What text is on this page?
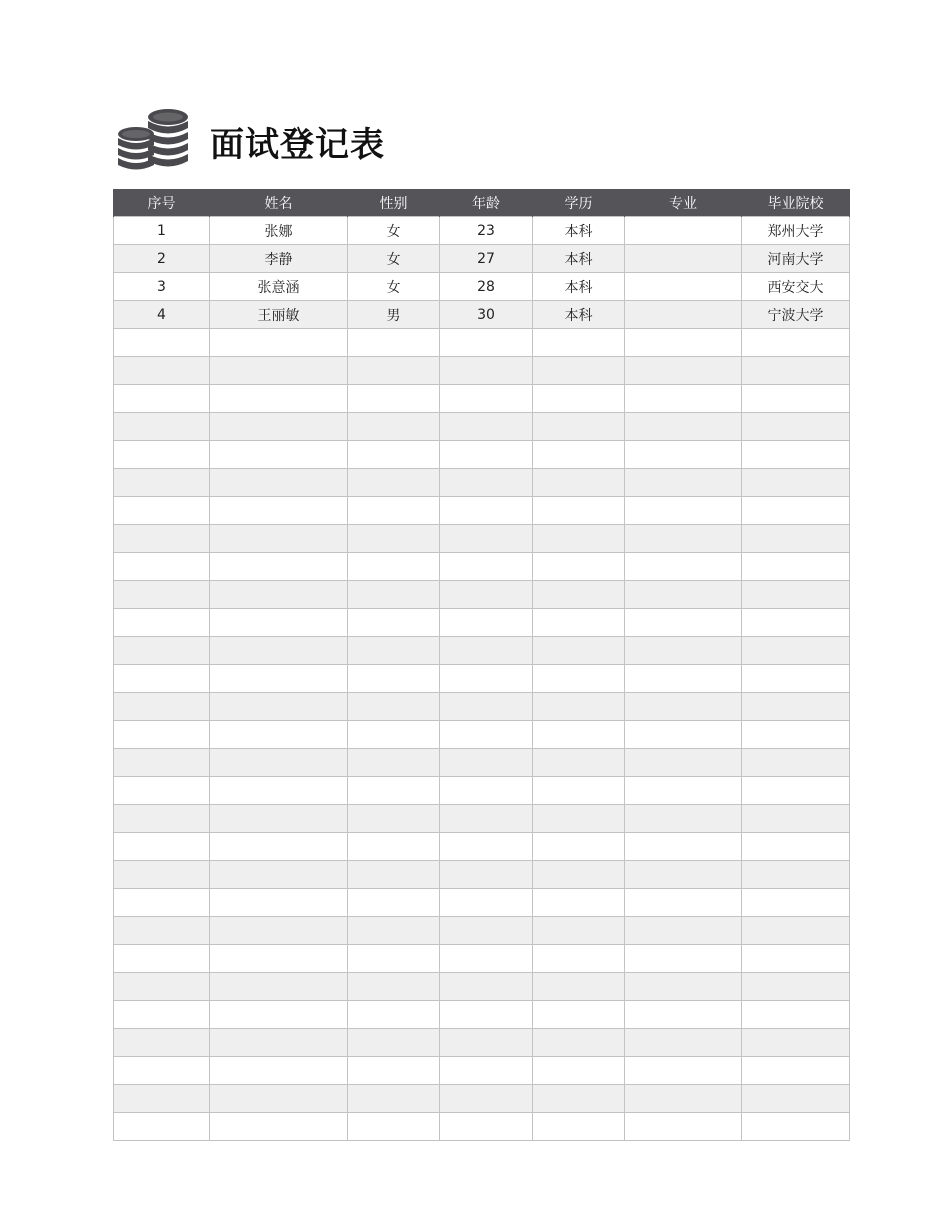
面试登记表
序号	姓名	性别	年龄	学历	专业	毕业院校
1	张娜	女	23	本科		郑州大学
2	李静	女	27	本科		河南大学
3	张意涵	女	28	本科		西安交大
4	王丽敏	男	30	本科		宁波大学
